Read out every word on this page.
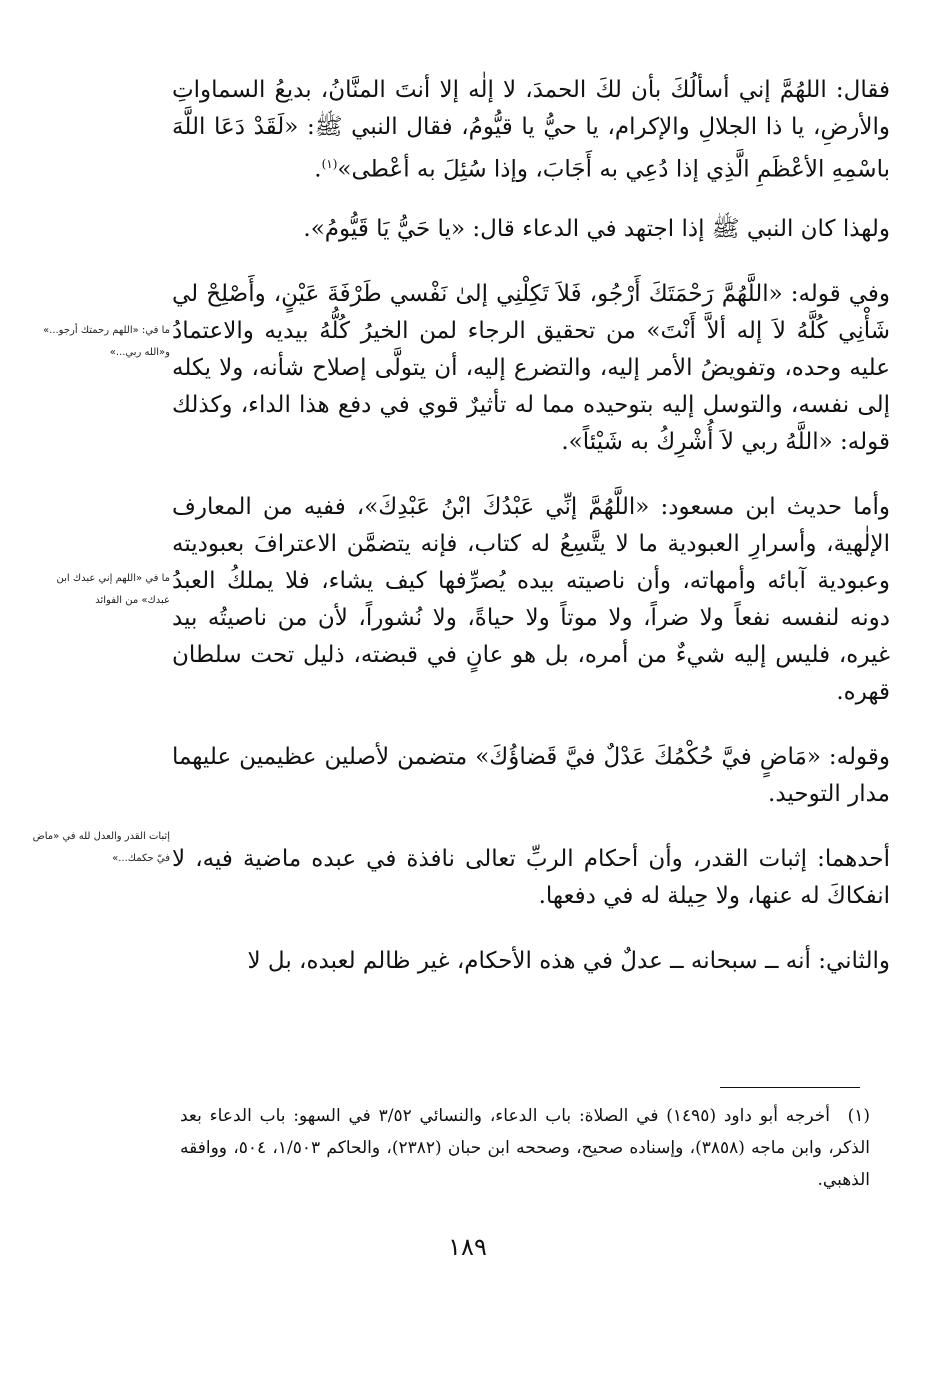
فقال: اللهُمَّ إني أسألُكَ بأن لكَ الحمدَ، لا إلٰه إلا أنتَ المنَّانُ، بديعُ السماواتِ والأرضِ، يا ذا الجلالِ والإكرام، يا حيُّ يا قيُّومُ، فقال النبي ﷺ: «لَقَدْ دَعَا اللَّهَ باسْمِهِ الأعْظَمِ الَّذِي إذا دُعِي به أَجَابَ، وإذا سُئِلَ به أعْطى»$^{(١)}$.

ولهذا كان النبي ﷺ إذا اجتهد في الدعاء قال: «يا حَيُّ يَا قَيُّومُ».

وفي قوله: «اللَّهُمَّ رَحْمَتَكَ أَرْجُو، فَلاَ تَكِلْنِي إلىٰ نَفْسي طَرْفَةَ عَيْنٍ، وأَصْلِحْ لي شَأْنِي كُلَّهُ لاَ إله ألاَّ أَنْتَ» من تحقيق الرجاء لمن الخيرُ كُلُّهُ بيديه والاعتمادُ عليه وحده، وتفويضُ الأمر إليه، والتضرع إليه، أن يتولَّى إصلاح شأنه، ولا يكله إلى نفسه، والتوسل إليه بتوحيده مما له تأثيرٌ قوي في دفع هذا الداء، وكذلك قوله: «اللَّهُ ربي لاَ أُشْرِكُ به شَيْئاً».

وأما حديث ابن مسعود: «اللَّهُمَّ إنِّي عَبْدُكَ ابْنُ عَبْدِكَ»، ففيه من المعارف الإلٰهية، وأسرارِ العبودية ما لا يتَّسِعُ له كتاب، فإنه يتضمَّن الاعترافَ بعبوديته وعبودية آبائه وأمهاته، وأن ناصيته بيده يُصرِّفها كيف يشاء، فلا يملكُ العبدُ دونه لنفسه نفعاً ولا ضراً، ولا موتاً ولا حياةً، ولا نُشوراً، لأن من ناصيتُه بيد غيره، فليس إليه شيءٌ من أمره، بل هو عانٍ في قبضته، ذليل تحت سلطان قهره.

وقوله: «مَاضٍ فيَّ حُكْمُكَ عَدْلٌ فيَّ قَضاؤُكَ» متضمن لأصلين عظيمين عليهما مدار التوحيد.

أحدهما: إثبات القدر، وأن أحكام الربِّ تعالى نافذة في عبده ماضية فيه، لا انفكاكَ له عنها، ولا حِيلة له في دفعها.

والثاني: أنه ــ سبحانه ــ عدلٌ في هذه الأحكام، غير ظالم لعبده، بل لا

ما في: «اللهم رحمتك أرجو...» و«الله ربي...»
ما في «اللهم إني عبدك ابن عبدك» من الفوائد
إثبات القدر والعدل لله في «ماض فيّ حكمك...»
(١)أخرجه أبو داود (١٤٩٥) في الصلاة: باب الدعاء، والنسائي ٣/٥٢ في السهو: باب الدعاء بعد الذكر، وابن ماجه (٣٨٥٨)، وإسناده صحيح، وصححه ابن حبان (٢٣٨٢)، والحاكم ١/٥٠٣، ٥٠٤، ووافقه الذهبي.
١٨٩
